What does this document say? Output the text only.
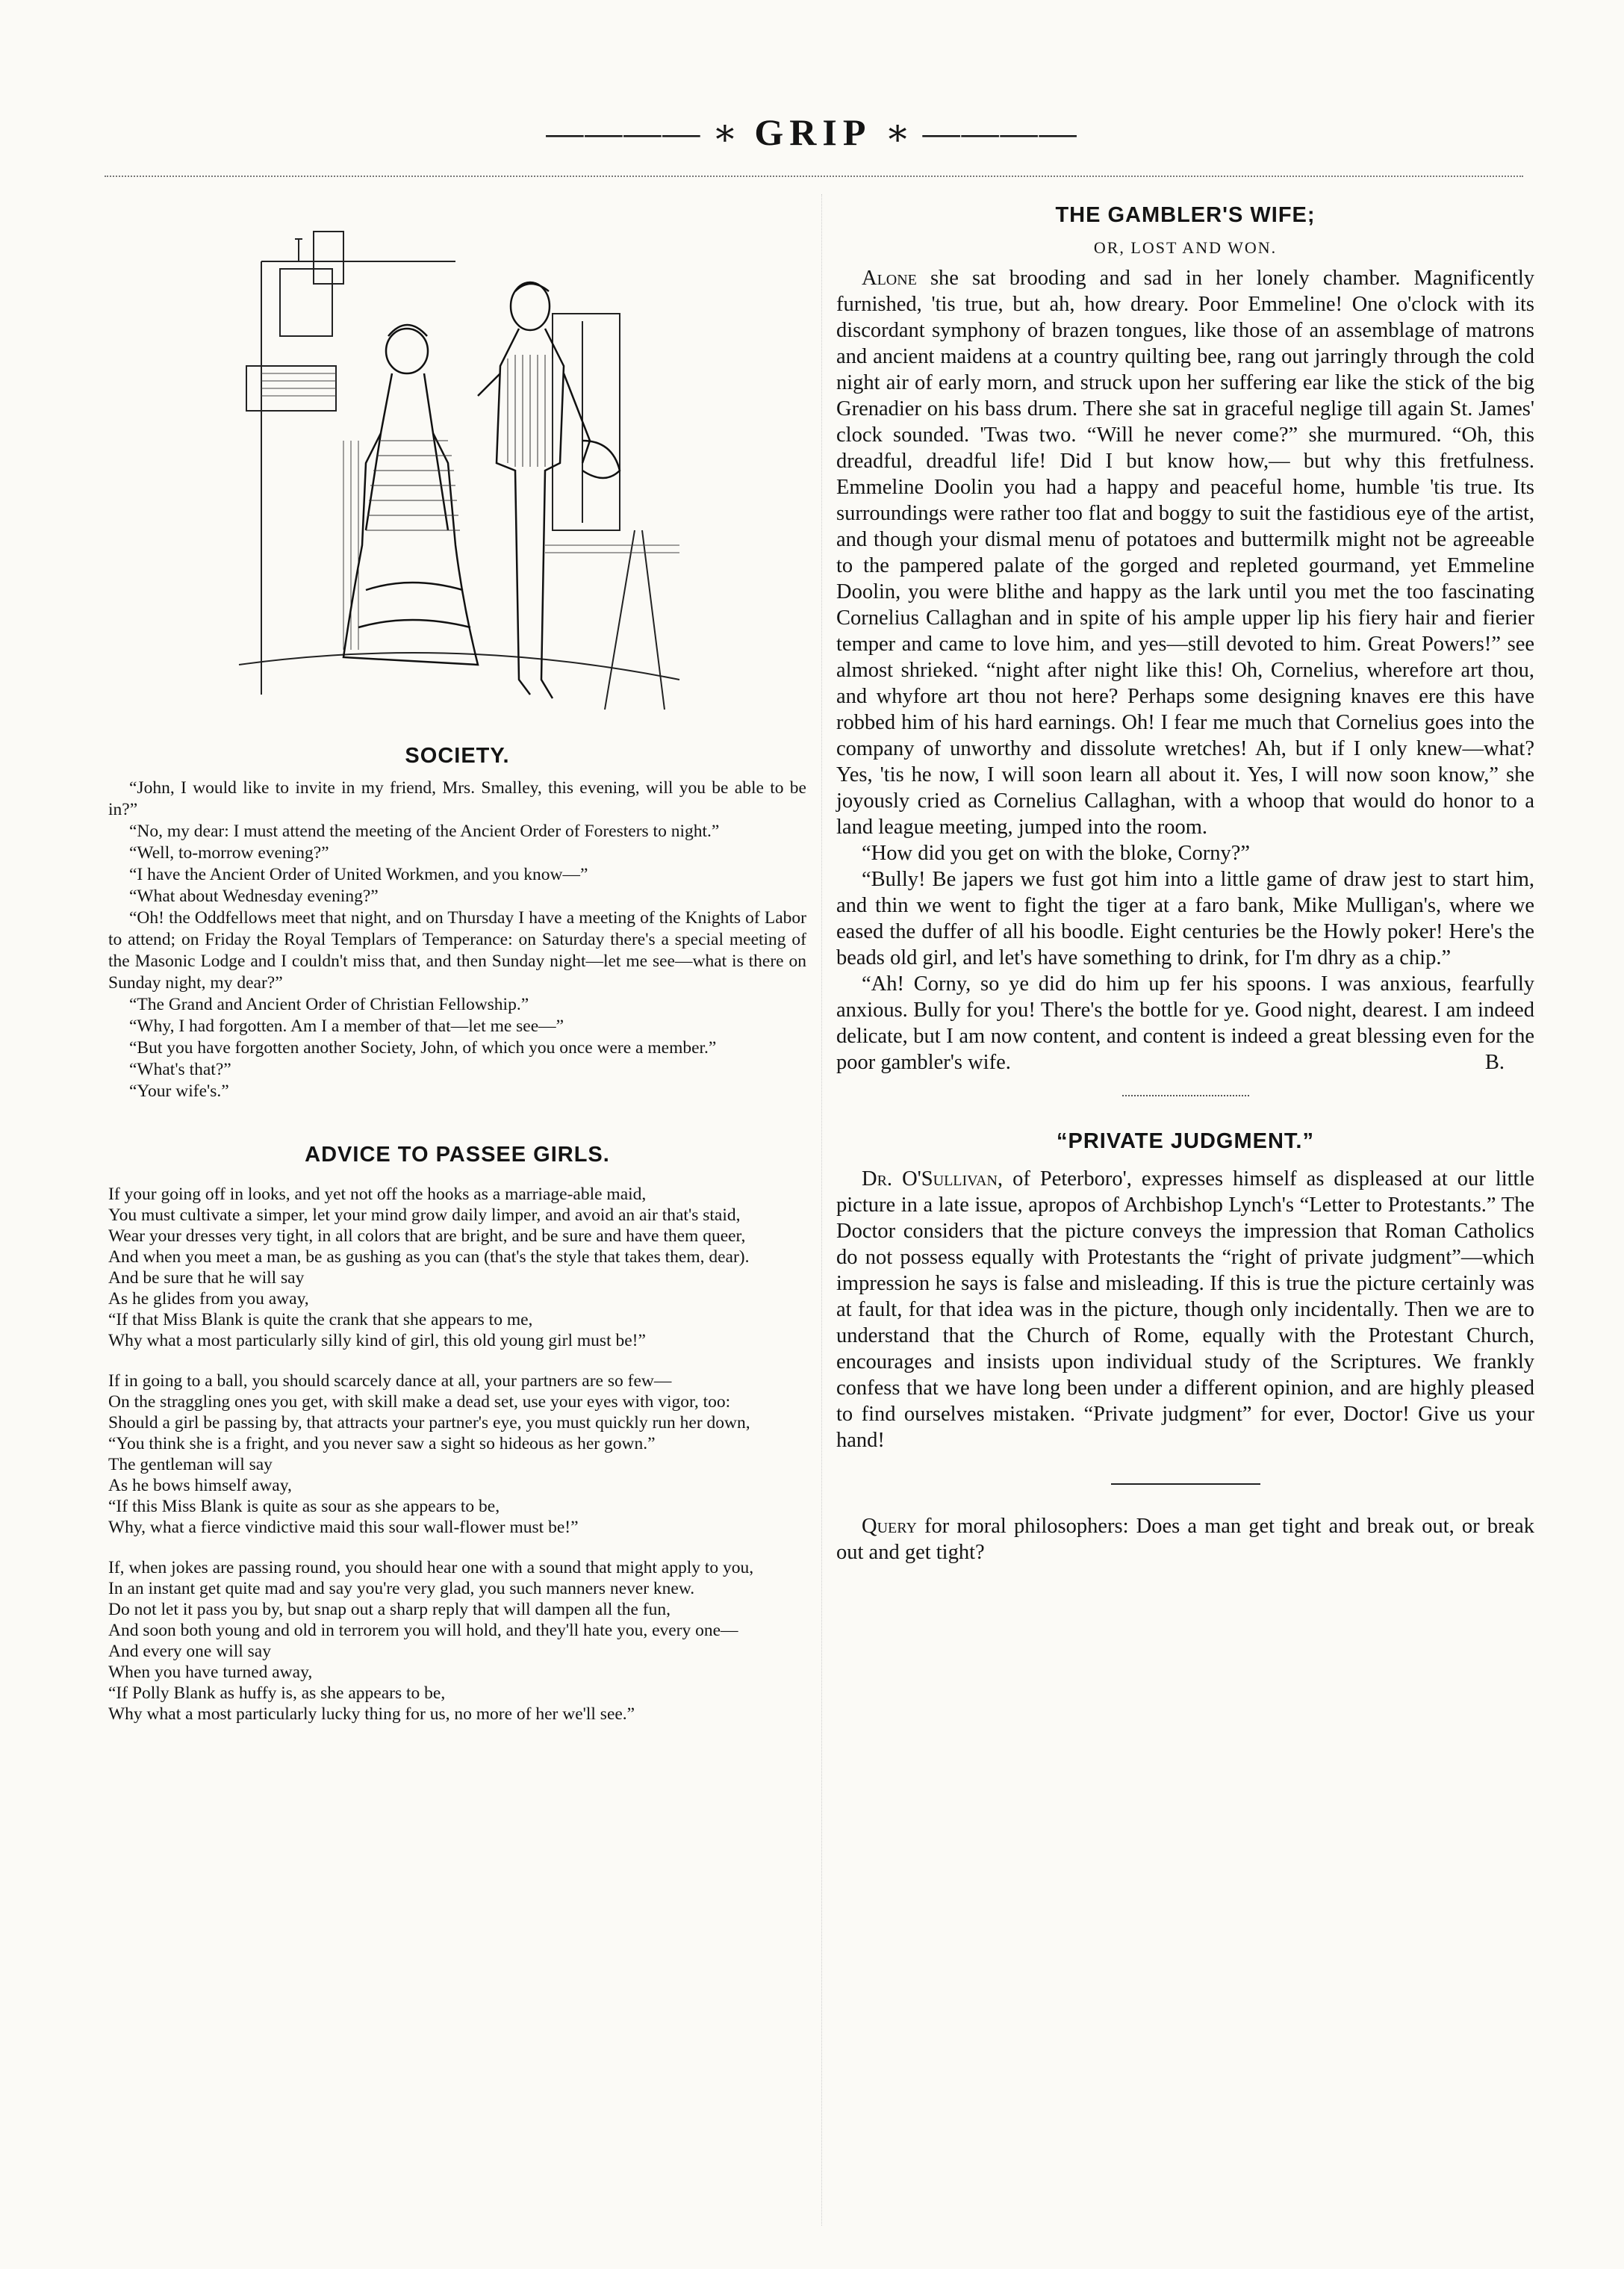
———— ∗ GRIP ∗ ————
SOCIETY.

“John, I would like to invite in my friend, Mrs. Smalley, this evening, will you be able to be in?”

“No, my dear: I must attend the meeting of the Ancient Order of Foresters to night.”

“Well, to-morrow evening?”

“I have the Ancient Order of United Workmen, and you know—”

“What about Wednesday evening?”

“Oh! the Oddfellows meet that night, and on Thursday I have a meeting of the Knights of Labor to attend; on Friday the Royal Templars of Temperance: on Saturday there's a special meeting of the Masonic Lodge and I couldn't miss that, and then Sunday night—let me see—what is there on Sunday night, my dear?”

“The Grand and Ancient Order of Christian Fellowship.”

“Why, I had forgotten. Am I a member of that—let me see—”

“But you have forgotten another Society, John, of which you once were a member.”

“What's that?”

“Your wife's.”

ADVICE TO PASSEE GIRLS.
If your going off in looks, and yet not off the hooks as a marriage-able maid,
You must cultivate a simper, let your mind grow daily limper, and avoid an air that's staid,
Wear your dresses very tight, in all colors that are bright, and be sure and have them queer,
And when you meet a man, be as gushing as you can (that's the style that takes them, dear).
And be sure that he will say
As he glides from you away,
“If that Miss Blank is quite the crank that she appears to me,
Why what a most particularly silly kind of girl, this old young girl must be!”
If in going to a ball, you should scarcely dance at all, your partners are so few—
On the straggling ones you get, with skill make a dead set, use your eyes with vigor, too:
Should a girl be passing by, that attracts your partner's eye, you must quickly run her down,
“You think she is a fright, and you never saw a sight so hideous as her gown.”
The gentleman will say
As he bows himself away,
“If this Miss Blank is quite as sour as she appears to be,
Why, what a fierce vindictive maid this sour wall-flower must be!”
If, when jokes are passing round, you should hear one with a sound that might apply to you,
In an instant get quite mad and say you're very glad, you such manners never knew.
Do not let it pass you by, but snap out a sharp reply that will dampen all the fun,
And soon both young and old in terrorem you will hold, and they'll hate you, every one—
And every one will say
When you have turned away,
“If Polly Blank as huffy is, as she appears to be,
Why what a most particularly lucky thing for us, no more of her we'll see.”
THE GAMBLER'S WIFE;
OR, LOST AND WON.

Alone she sat brooding and sad in her lonely chamber. Magnificently furnished, 'tis true, but ah, how dreary. Poor Emmeline! One o'clock with its discordant symphony of brazen tongues, like those of an assemblage of matrons and ancient maidens at a country quilting bee, rang out jarringly through the cold night air of early morn, and struck upon her suffering ear like the stick of the big Grenadier on his bass drum. There she sat in graceful neglige till again St. James' clock sounded. 'Twas two. “Will he never come?” she murmured. “Oh, this dreadful, dreadful life! Did I but know how,— but why this fretfulness. Emmeline Doolin you had a happy and peaceful home, humble 'tis true. Its surroundings were rather too flat and boggy to suit the fastidious eye of the artist, and though your dismal menu of potatoes and buttermilk might not be agreeable to the pampered palate of the gorged and repleted gourmand, yet Emmeline Doolin, you were blithe and happy as the lark until you met the too fascinating Cornelius Callaghan and in spite of his ample upper lip his fiery hair and fierier temper and came to love him, and yes—still devoted to him. Great Powers!” see almost shrieked. “night after night like this! Oh, Cornelius, wherefore art thou, and whyfore art thou not here? Perhaps some designing knaves ere this have robbed him of his hard earnings. Oh! I fear me much that Cornelius goes into the company of unworthy and dissolute wretches! Ah, but if I only knew—what? Yes, 'tis he now, I will soon learn all about it. Yes, I will now soon know,” she joyously cried as Cornelius Callaghan, with a whoop that would do honor to a land league meeting, jumped into the room.

“How did you get on with the bloke, Corny?”

“Bully! Be japers we fust got him into a little game of draw jest to start him, and thin we went to fight the tiger at a faro bank, Mike Mulligan's, where we eased the duffer of all his boodle. Eight centuries be the Howly poker! Here's the beads old girl, and let's have something to drink, for I'm dhry as a chip.”

“Ah! Corny, so ye did do him up fer his spoons. I was anxious, fearfully anxious. Bully for you! There's the bottle for ye. Good night, dearest. I am indeed delicate, but I am now content, and content is indeed a great blessing even for the poor gambler's wife.	B.

“PRIVATE JUDGMENT.”

Dr. O'Sullivan, of Peterboro', expresses himself as displeased at our little picture in a late issue, apropos of Archbishop Lynch's “Letter to Protestants.” The Doctor considers that the picture conveys the impression that Roman Catholics do not possess equally with Protestants the “right of private judgment”—which impression he says is false and misleading. If this is true the picture certainly was at fault, for that idea was in the picture, though only incidentally. Then we are to understand that the Church of Rome, equally with the Protestant Church, encourages and insists upon individual study of the Scriptures. We frankly confess that we have long been under a different opinion, and are highly pleased to find ourselves mistaken. “Private judgment” for ever, Doctor! Give us your hand!

Query for moral philosophers: Does a man get tight and break out, or break out and get tight?
